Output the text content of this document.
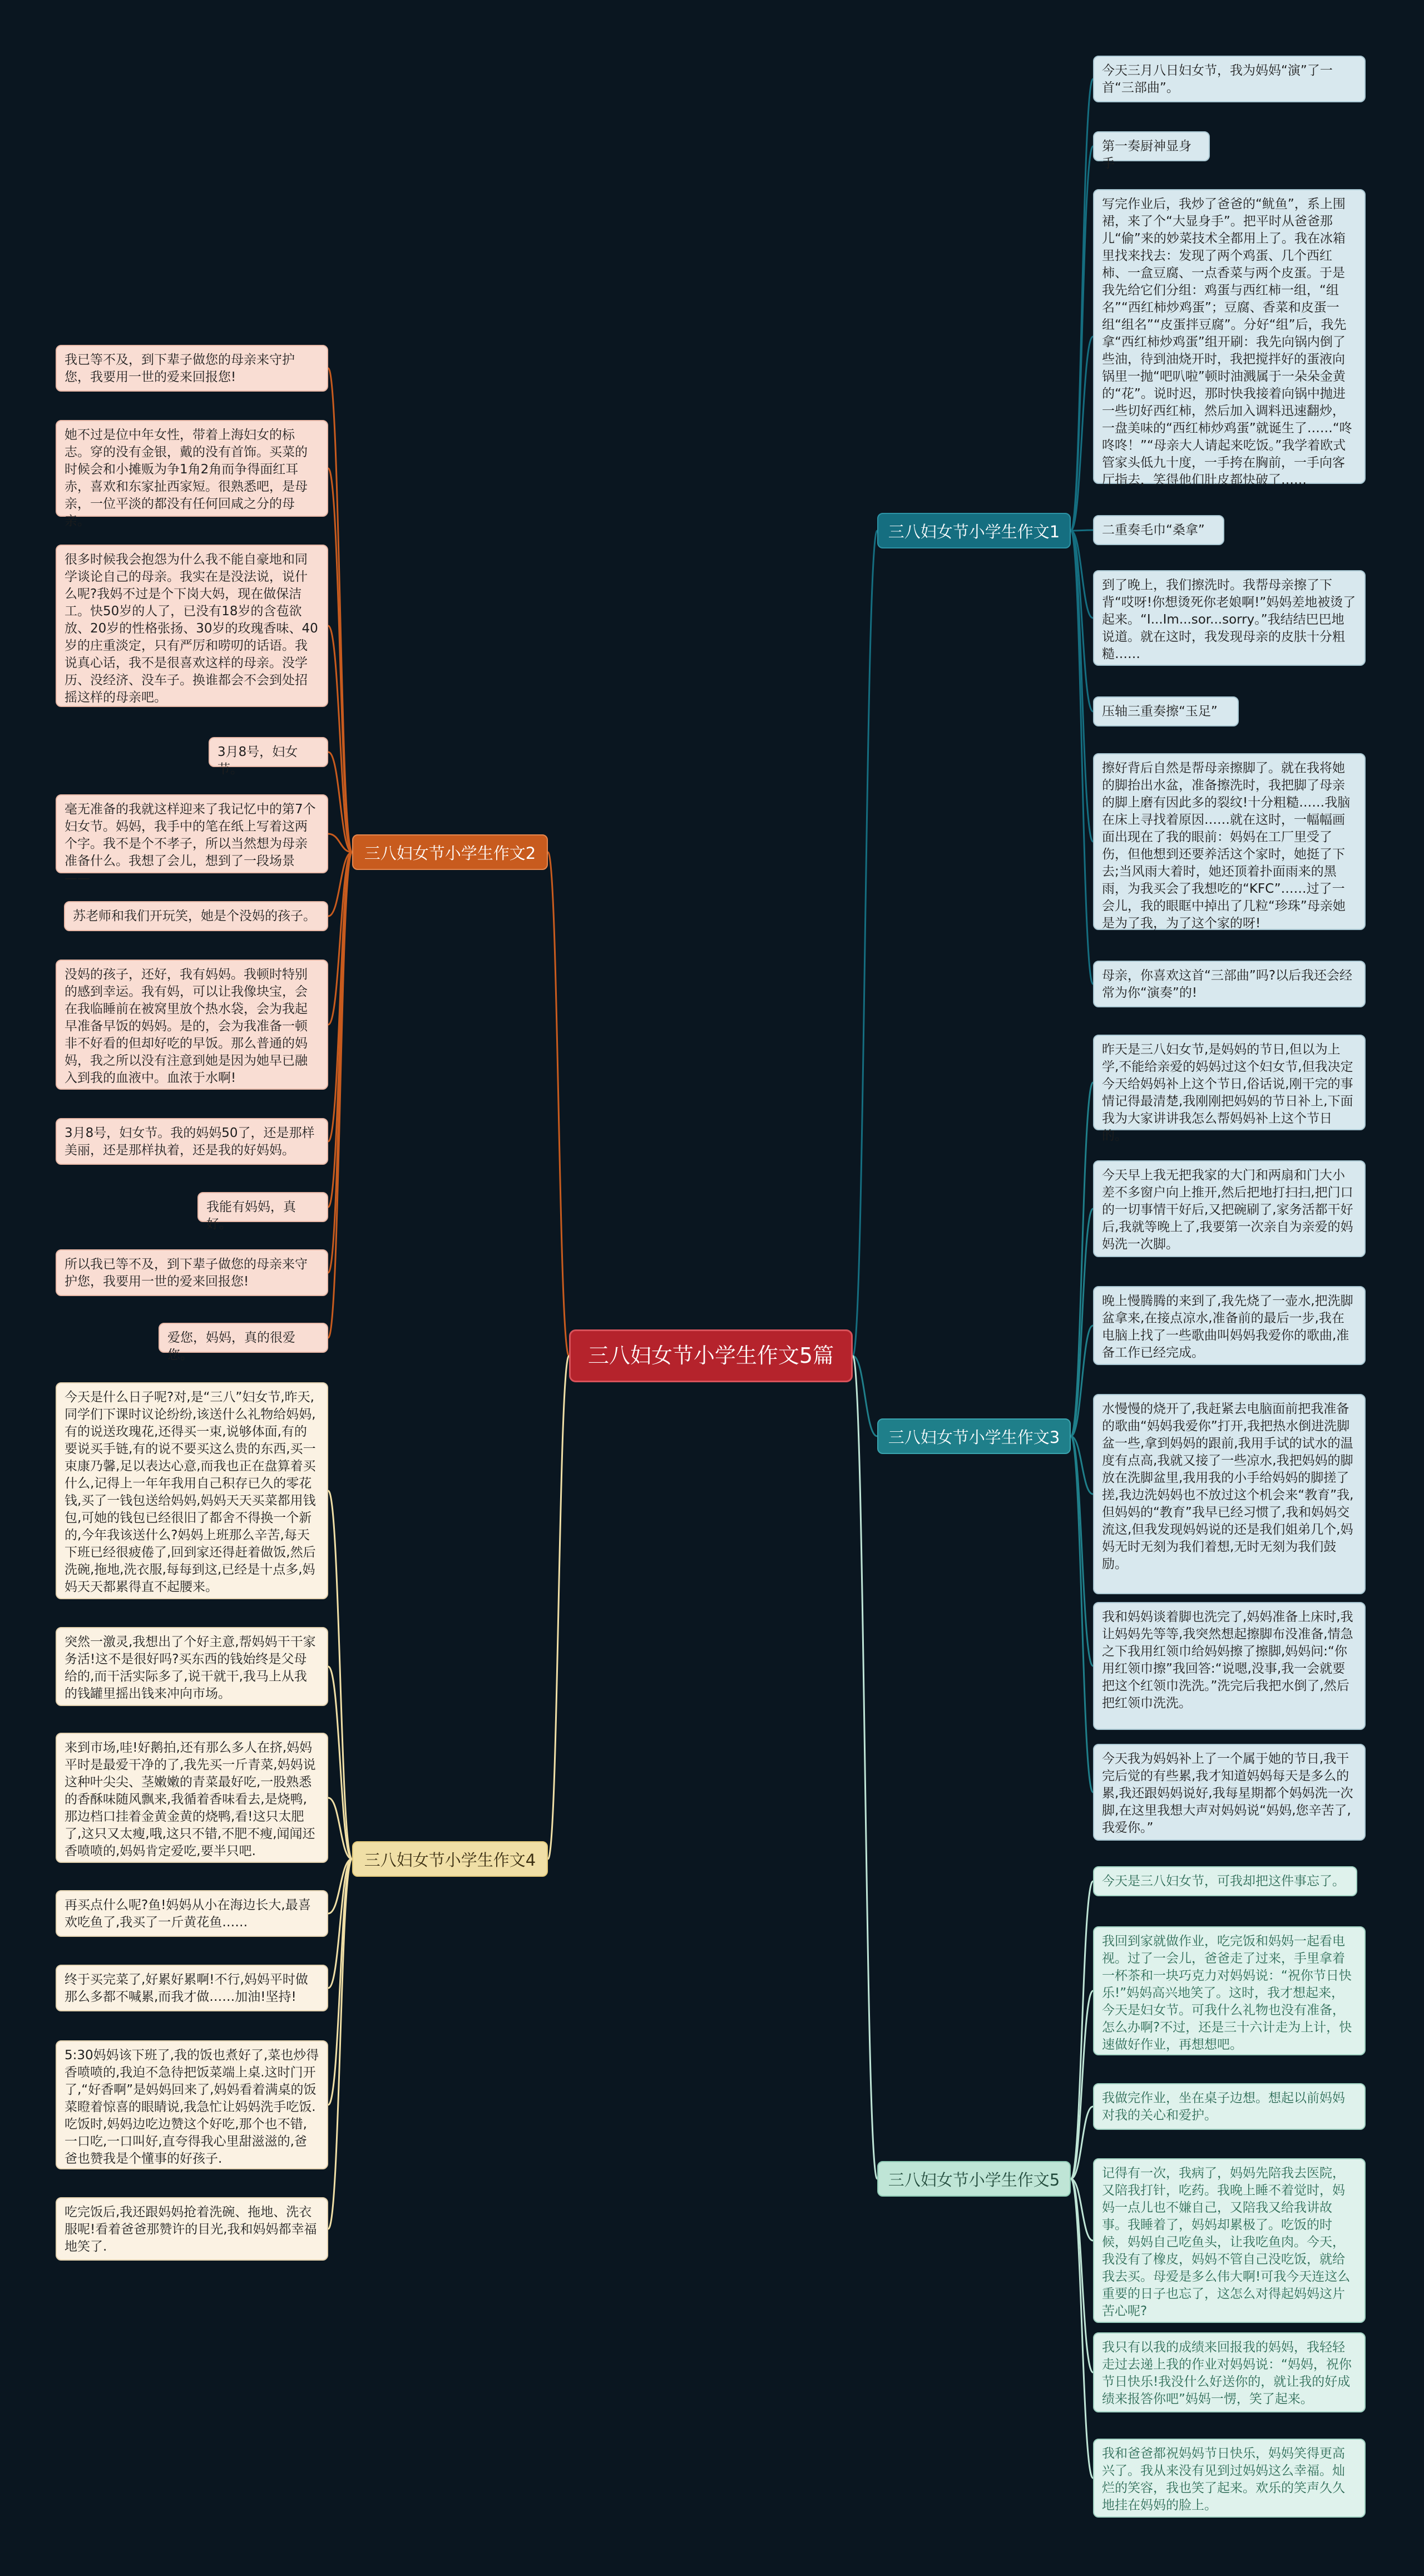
三八妇女节小学生作文5篇
三八妇女节小学生作文1
今天三月八日妇女节，我为妈妈“演”了一首“三部曲”。
第一奏厨神显身手
写完作业后，我炒了爸爸的“鱿鱼”，系上围裙，来了个“大显身手”。把平时从爸爸那儿“偷”来的妙菜技术全都用上了。我在冰箱里找来找去：发现了两个鸡蛋、几个西红柿、一盒豆腐、一点香菜与两个皮蛋。于是我先给它们分组：鸡蛋与西红柿一组，“组名”“西红柿炒鸡蛋”；豆腐、香菜和皮蛋一组“组名”“皮蛋拌豆腐”。分好“组”后，我先拿“西红柿炒鸡蛋”组开刷：我先向锅内倒了些油，待到油烧开时，我把搅拌好的蛋液向锅里一抛“吧叭啦”顿时油溅属于一朵朵金黄的“花”。说时迟，那时快我接着向锅中抛进一些切好西红柿，然后加入调料迅速翻炒，一盘美味的“西红柿炒鸡蛋”就诞生了……“咚咚咚！”“母亲大人请起来吃饭。”我学着欧式管家头低九十度，一手挎在胸前，一手向客厅指去，笑得他们肚皮都快破了……
二重奏毛巾“桑拿”
到了晚上，我们擦洗时。我帮母亲擦了下背“哎呀!你想烫死你老娘啊!”妈妈差地被烫了起来。“I...Im...sor...sorry。”我结结巴巴地说道。就在这时，我发现母亲的皮肤十分粗糙……
压轴三重奏擦“玉足”
擦好背后自然是帮母亲擦脚了。就在我将她的脚抬出水盆，准备擦洗时，我把脚了母亲的脚上磨有因此多的裂纹!十分粗糙……我脑在床上寻找着原因……就在这时，一幅幅画面出现在了我的眼前：妈妈在工厂里受了伤，但他想到还要养活这个家时，她挺了下去;当风雨大着时，她还顶着扑面雨来的黑雨，为我买会了我想吃的“KFC”……过了一会儿，我的眼眶中掉出了几粒“珍珠”母亲她是为了我，为了这个家的呀!
母亲，你喜欢这首“三部曲”吗?以后我还会经常为你“演奏”的!
三八妇女节小学生作文2
我已等不及，到下辈子做您的母亲来守护您，我要用一世的爱来回报您!
她不过是位中年女性，带着上海妇女的标志。穿的没有金银，戴的没有首饰。买菜的时候会和小摊贩为争1角2角而争得面红耳赤，喜欢和东家扯西家短。很熟悉吧，是母亲，一位平淡的都没有任何回咸之分的母亲。
很多时候我会抱怨为什么我不能自豪地和同学谈论自己的母亲。我实在是没法说，说什么呢?我妈不过是个下岗大妈，现在做保洁工。快50岁的人了，已没有18岁的含苞欲放、20岁的性格张扬、30岁的玫瑰香味、40岁的庄重淡定，只有严厉和唠叨的话语。我说真心话，我不是很喜欢这样的母亲。没学历、没经济、没车子。换谁都会不会到处招摇这样的母亲吧。
3月8号，妇女节。
毫无准备的我就这样迎来了我记忆中的第7个妇女节。妈妈，我手中的笔在纸上写着这两个字。我不是个不孝子，所以当然想为母亲准备什么。我想了会儿，想到了一段场景——
苏老师和我们开玩笑，她是个没妈的孩子。
没妈的孩子，还好，我有妈妈。我顿时特别的感到幸运。我有妈，可以让我像块宝，会在我临睡前在被窝里放个热水袋，会为我起早准备早饭的妈妈。是的，会为我准备一顿非不好看的但却好吃的早饭。那么普通的妈妈，我之所以没有注意到她是因为她早已融入到我的血液中。血浓于水啊!
3月8号，妇女节。我的妈妈50了，还是那样美丽，还是那样执着，还是我的好妈妈。
我能有妈妈，真好。
所以我已等不及，到下辈子做您的母亲来守护您，我要用一世的爱来回报您!
爱您，妈妈，真的很爱您。
三八妇女节小学生作文3
昨天是三八妇女节,是妈妈的节日,但以为上学,不能给亲爱的妈妈过这个妇女节,但我决定今天给妈妈补上这个节日,俗话说,刚干完的事情记得最清楚,我刚刚把妈妈的节日补上,下面我为大家讲讲我怎么帮妈妈补上这个节日的。
今天早上我无把我家的大门和两扇和门大小差不多窗户向上推开,然后把地打扫扫,把门口的一切事情干好后,又把碗刷了,家务活都干好后,我就等晚上了,我要第一次亲自为亲爱的妈妈洗一次脚。
晚上慢腾腾的来到了,我先烧了一壶水,把洗脚盆拿来,在接点凉水,准备前的最后一步,我在电脑上找了一些歌曲叫妈妈我爱你的歌曲,准备工作已经完成。
水慢慢的烧开了,我赶紧去电脑面前把我准备的歌曲“妈妈我爱你”打开,我把热水倒进洗脚盆一些,拿到妈妈的跟前,我用手试的试水的温度有点高,我就又接了一些凉水,我把妈妈的脚放在洗脚盆里,我用我的小手给妈妈的脚搓了搓,我边洗妈妈也不放过这个机会来“教育”我,但妈妈的“教育”我早已经习惯了,我和妈妈交流这,但我发现妈妈说的还是我们姐弟几个,妈妈无时无刻为我们着想,无时无刻为我们鼓励。
我和妈妈谈着脚也洗完了,妈妈准备上床时,我让妈妈先等等,我突然想起擦脚布没准备,情急之下我用红领巾给妈妈擦了擦脚,妈妈问:“你用红领巾擦”我回答:“说嗯,没事,我一会就要把这个红领巾洗洗。”洗完后我把水倒了,然后把红领巾洗洗。
今天我为妈妈补上了一个属于她的节日,我干完后觉的有些累,我才知道妈妈每天是多么的累,我还跟妈妈说好,我每星期都个妈妈洗一次脚,在这里我想大声对妈妈说“妈妈,您辛苦了,我爱你。”
三八妇女节小学生作文4
今天是什么日子呢?对,是“三八”妇女节,昨天,同学们下课时议论纷纷,该送什么礼物给妈妈,有的说送玫瑰花,还得买一束,说够体面,有的要说买手链,有的说不要买这么贵的东西,买一束康乃馨,足以表达心意,而我也正在盘算着买什么,记得上一年年我用自己积存已久的零花钱,买了一钱包送给妈妈,妈妈天天买菜都用钱包,可她的钱包已经很旧了都舍不得换一个新的,今年我该送什么?妈妈上班那么辛苦,每天下班已经很疲倦了,回到家还得赶着做饭,然后洗碗,拖地,洗衣服,每每到这,已经是十点多,妈妈天天都累得直不起腰来。
突然一激灵,我想出了个好主意,帮妈妈干干家务活!这不是很好吗?买东西的钱始终是父母给的,而干活实际多了,说干就干,我马上从我的钱罐里摇出钱来冲向市场。
来到市场,哇!好鹅拍,还有那么多人在挤,妈妈平时是最爱干净的了,我先买一斤青菜,妈妈说这种叶尖尖、茎嫩嫩的青菜最好吃,一股熟悉的香酥味随风飘来,我循着香味看去,是烧鸭,那边档口挂着金黄金黄的烧鸭,看!这只太肥了,这只又太瘦,哦,这只不错,不肥不瘦,闻闻还香喷喷的,妈妈肯定爱吃,要半只吧.
再买点什么呢?鱼!妈妈从小在海边长大,最喜欢吃鱼了,我买了一斤黄花鱼……
终于买完菜了,好累好累啊!不行,妈妈平时做那么多都不喊累,而我才做……加油!坚持!
5:30妈妈该下班了,我的饭也煮好了,菜也炒得香喷喷的,我迫不急待把饭菜端上桌.这时门开了,“好香啊”是妈妈回来了,妈妈看着满桌的饭菜瞪着惊喜的眼睛说,我急忙让妈妈洗手吃饭.吃饭时,妈妈边吃边赞这个好吃,那个也不错,一口吃,一口叫好,直夸得我心里甜滋滋的,爸爸也赞我是个懂事的好孩子.
吃完饭后,我还跟妈妈抢着洗碗、拖地、洗衣服呢!看着爸爸那赞许的目光,我和妈妈都幸福地笑了.
三八妇女节小学生作文5
今天是三八妇女节，可我却把这件事忘了。
我回到家就做作业，吃完饭和妈妈一起看电视。过了一会儿，爸爸走了过来，手里拿着一杯茶和一块巧克力对妈妈说：“祝你节日快乐!”妈妈高兴地笑了。这时，我才想起来，今天是妇女节。可我什么礼物也没有准备，怎么办啊?不过，还是三十六计走为上计，快速做好作业，再想想吧。
我做完作业，坐在桌子边想。想起以前妈妈对我的关心和爱护。
记得有一次，我病了，妈妈先陪我去医院，又陪我打针，吃药。我晚上睡不着觉时，妈妈一点儿也不嫌自己，又陪我又给我讲故事。我睡着了，妈妈却累极了。吃饭的时候，妈妈自己吃鱼头，让我吃鱼肉。今天，我没有了橡皮，妈妈不管自己没吃饭，就给我去买。母爱是多么伟大啊!可我今天连这么重要的日子也忘了，这怎么对得起妈妈这片苦心呢?
我只有以我的成绩来回报我的妈妈，我轻轻走过去递上我的作业对妈妈说：“妈妈，祝你节日快乐!我没什么好送你的，就让我的好成绩来报答你吧”妈妈一愣，笑了起来。
我和爸爸都祝妈妈节日快乐，妈妈笑得更高兴了。我从来没有见到过妈妈这么幸福。灿烂的笑容，我也笑了起来。欢乐的笑声久久地挂在妈妈的脸上。
